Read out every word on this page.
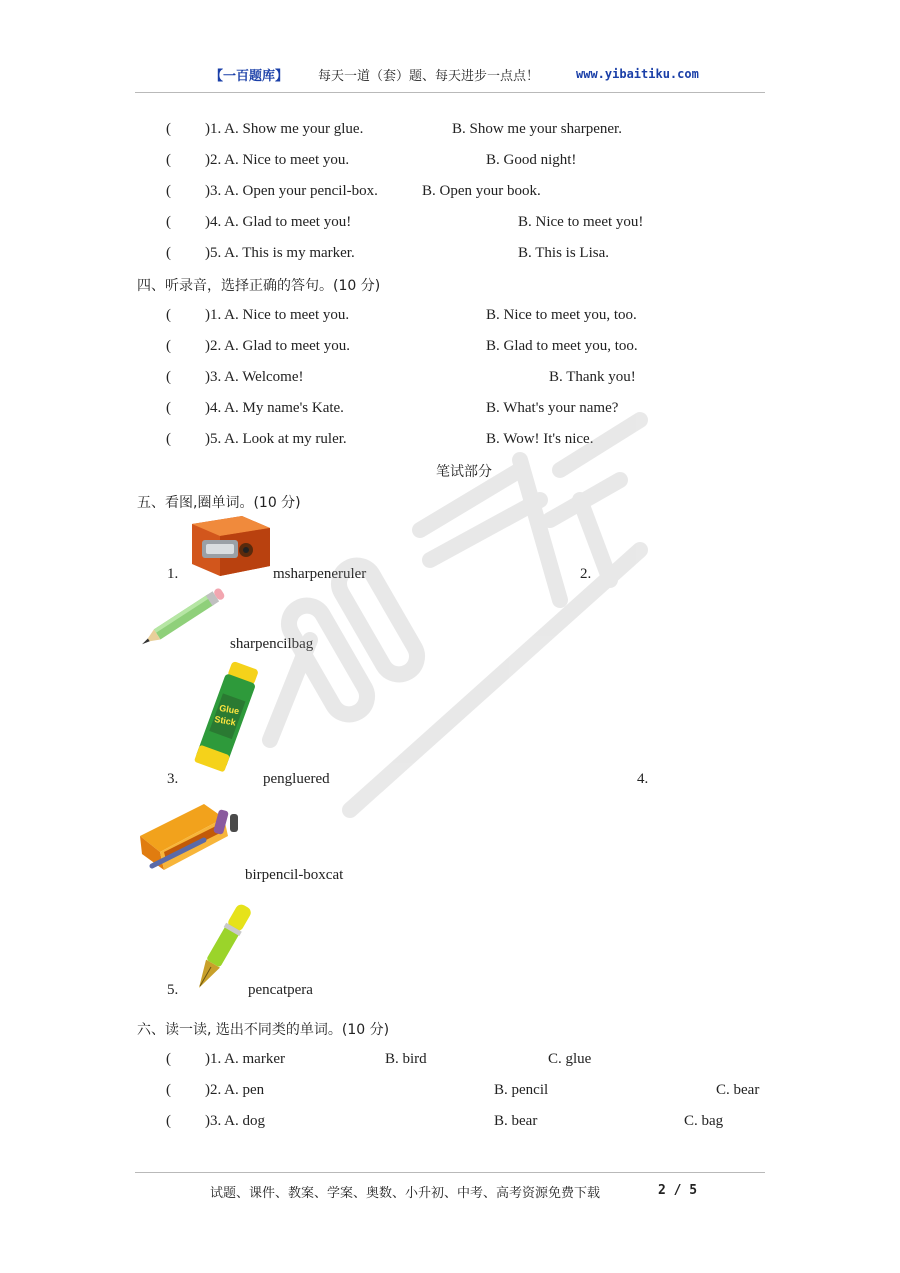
【一百题库】 每天一道（套）题、每天进步一点点！	www.yibaitiku.com
( )1. A. Show me your glue.	B. Show me your sharpener.
( )2. A. Nice to meet you.	B. Good night!
( )3. A. Open your pencil-box.	B. Open your book.
( )4. A. Glad to meet you!	B. Nice to meet you!
( )5. A. This is my marker.	B. This is Lisa.
四、听录音，选择正确的答句。(10 分)
( )1. A. Nice to meet you.	B. Nice to meet you, too.
( )2. A. Glad to meet you.	B. Glad to meet you, too.
( )3. A. Welcome!	B. Thank you!
( )4. A. My name's Kate.	B. What's your name?
( )5. A. Look at my ruler.	B. Wow! It's nice.
笔试部分
五、看图,圈单词。(10 分)
1.	msharpeneruler	2.
sharpencilbag
Glue
Stick
3.	pengluered	4.
birpencil-boxcat
5.	pencatpera
六、读一读, 选出不同类的单词。(10 分)
( )1. A. marker	B. bird	C. glue
( )2. A. pen	B. pencil	C. bear
( )3. A. dog	B. bear	C. bag
试题、课件、教案、学案、奥数、小升初、中考、高考资源免费下载	2 / 5
